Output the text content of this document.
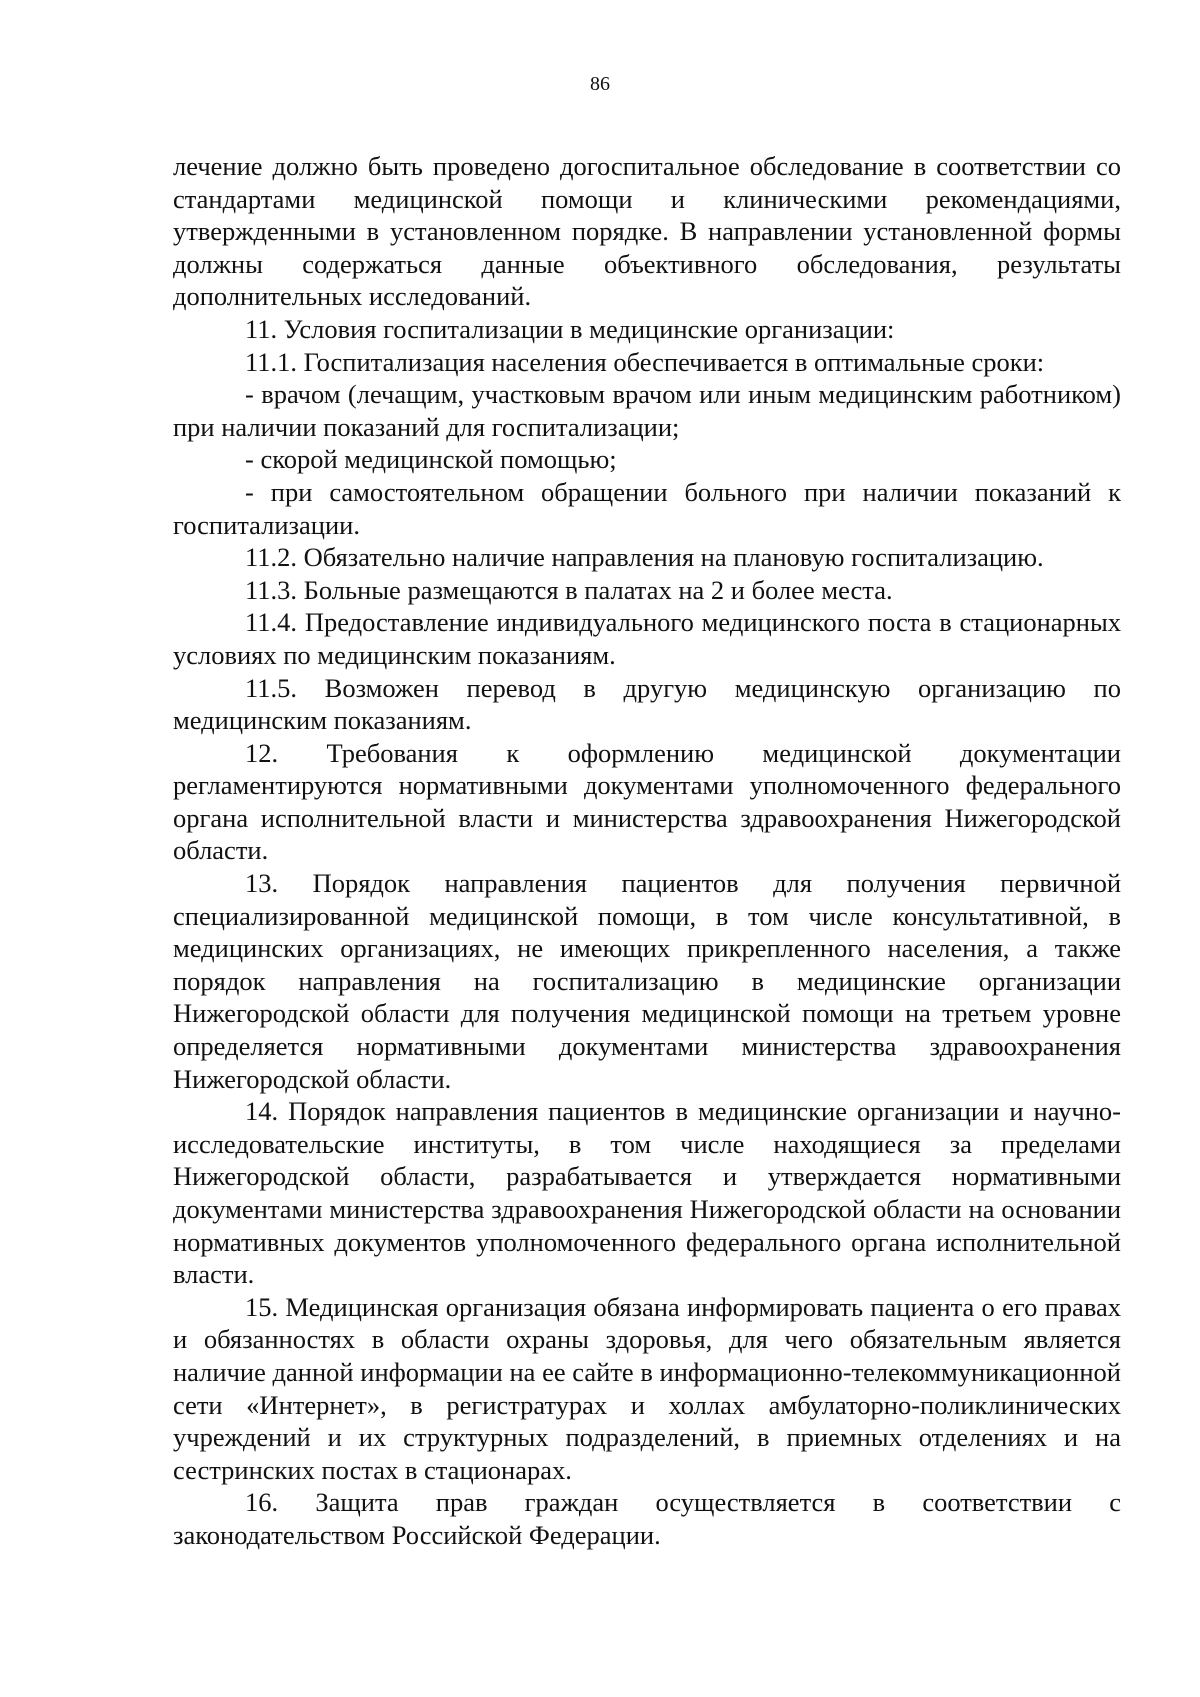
86

лечение должно быть проведено догоспитальное обследование в соответствии со стандартами медицинской помощи и клиническими рекомендациями, утвержденными в установленном порядке. В направлении установленной формы должны содержаться данные объективного обследования, результаты дополнительных исследований.

11. Условия госпитализации в медицинские организации:

11.1. Госпитализация населения обеспечивается в оптимальные сроки:

- врачом (лечащим, участковым врачом или иным медицинским работником) при наличии показаний для госпитализации;

- скорой медицинской помощью;

- при самостоятельном обращении больного при наличии показаний к госпитализации.

11.2. Обязательно наличие направления на плановую госпитализацию.

11.3. Больные размещаются в палатах на 2 и более места.

11.4. Предоставление индивидуального медицинского поста в стационарных условиях по медицинским показаниям.

11.5. Возможен перевод в другую медицинскую организацию по медицинским показаниям.

12. Требования к оформлению медицинской документации регламентируются нормативными документами уполномоченного федерального органа исполнительной власти и министерства здравоохранения Нижегородской области.

13. Порядок направления пациентов для получения первичной специализированной медицинской помощи, в том числе консультативной, в медицинских организациях, не имеющих прикрепленного населения, а также порядок направления на госпитализацию в медицинские организации Нижегородской области для получения медицинской помощи на третьем уровне определяется нормативными документами министерства здравоохранения Нижегородской области.

14. Порядок направления пациентов в медицинские организации и научно-исследовательские институты, в том числе находящиеся за пределами Нижегородской области, разрабатывается и утверждается нормативными документами министерства здравоохранения Нижегородской области на основании нормативных документов уполномоченного федерального органа исполнительной власти.

15. Медицинская организация обязана информировать пациента о его правах и обязанностях в области охраны здоровья, для чего обязательным является наличие данной информации на ее сайте в информационно-телекоммуникационной сети «Интернет», в регистратурах и холлах амбулаторно-поликлинических учреждений и их структурных подразделений, в приемных отделениях и на сестринских постах в стационарах.

16. Защита прав граждан осуществляется в соответствии с законодательством Российской Федерации.
